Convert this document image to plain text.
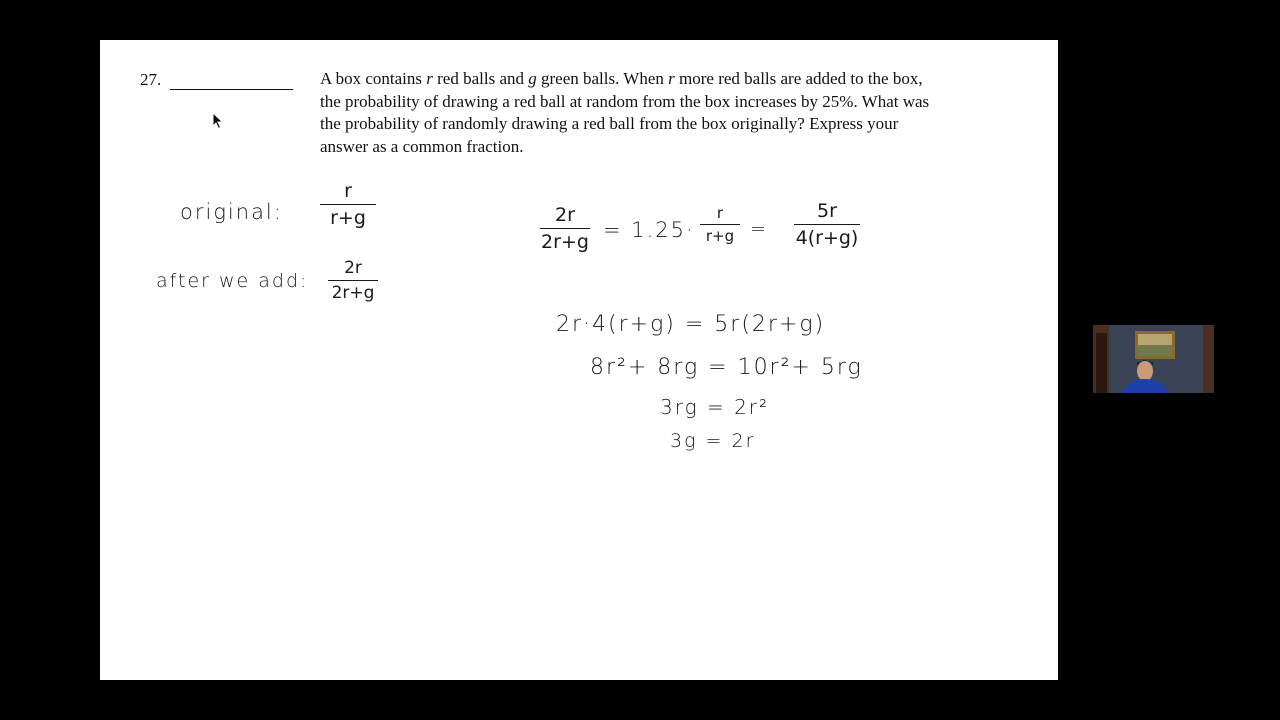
27.	A box contains r red balls and g green balls. When r more red balls are added to the box, the probability of drawing a red ball at random from the box increases by 25%. What was the probability of randomly drawing a red ball from the box originally? Express your answer as a common fraction.
original:
r
r+g
after we add:
2r
2r+g
2r
2r+g = 1.25·
r
r+g =
5r
4(r+g)
2r·4(r+g) = 5r(2r+g)
8r²+ 8rg = 10r²+ 5rg
3rg = 2r²
3g = 2r
